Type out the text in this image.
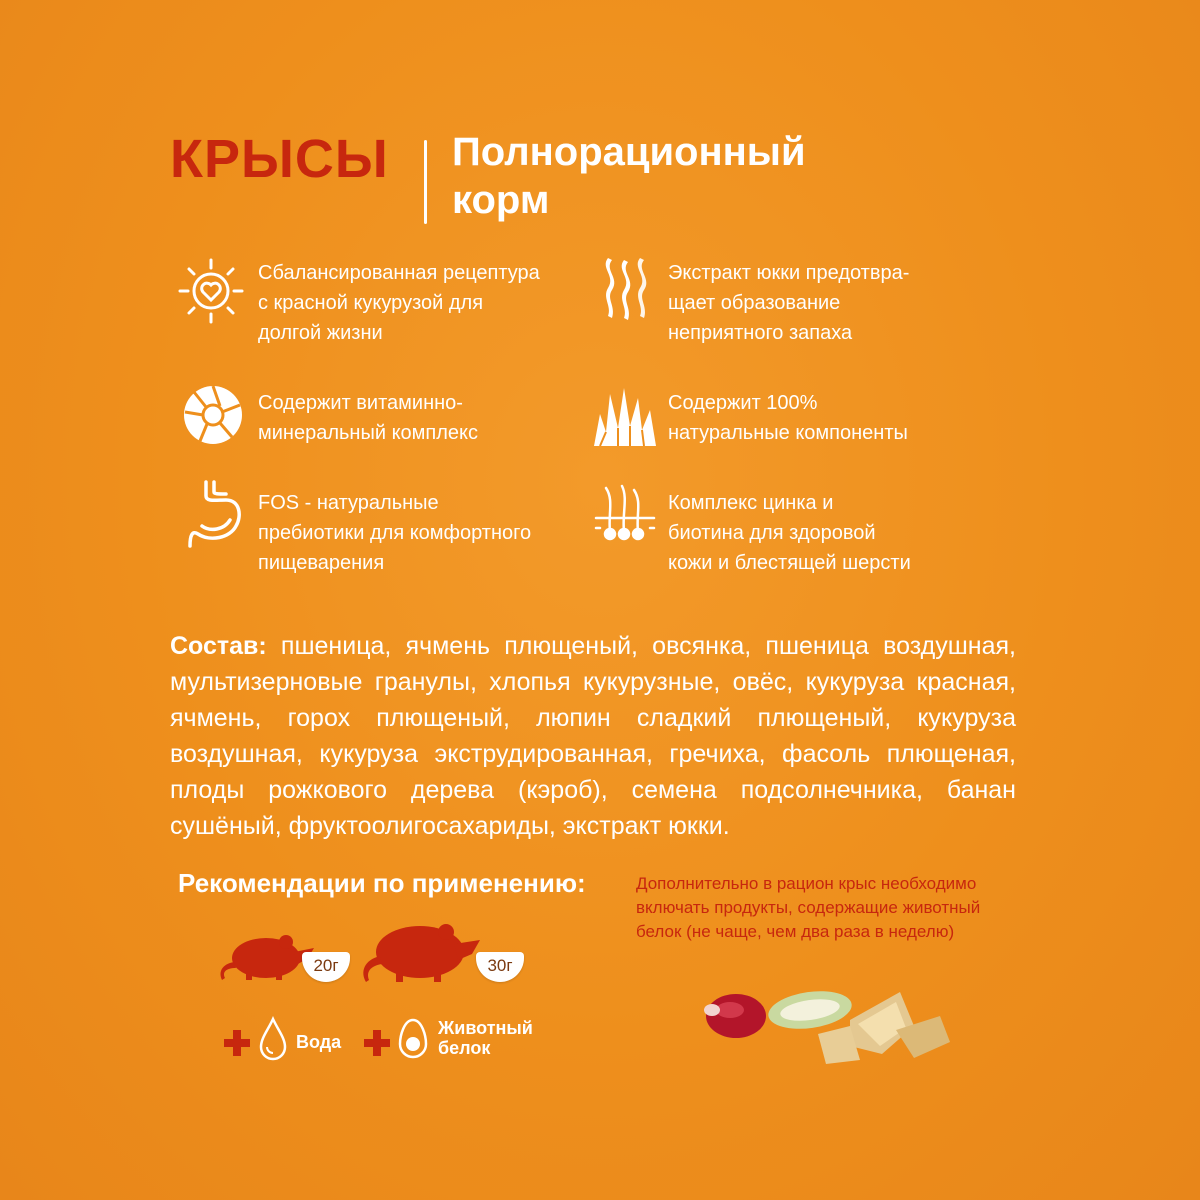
КРЫСЫ Полнорационный
корм
Сбалансированная рецептура
с красной кукурузой для
долгой жизни
Экстракт юкки предотвра-
щает образование
неприятного запаха
Содержит витаминно-
минеральный комплекс
Содержит 100%
натуральные компоненты
FOS - натуральные
пребиотики для комфортного
пищеварения
Комплекс цинка и
биотина для здоровой
кожи и блестящей шерсти
Состав: пшеница, ячмень плющеный, овсянка, пшеница воздушная, мультизерновые гранулы, хлопья кукурузные, овёс, кукуруза красная, ячмень, горох плющеный, люпин сладкий плющеный, кукуруза воздушная, кукуруза экструдированная, гречиха, фасоль плющеная, плоды рожкового дерева (кэроб), семена подсолнечника, банан сушёный, фруктоолигосахариды, экстракт юкки.
Рекомендации по применению:
20г	30г
Вода
Животный
белок
Дополнительно в рацион крыс необходимо
включать продукты, содержащие животный
белок (не чаще, чем два раза в неделю)
